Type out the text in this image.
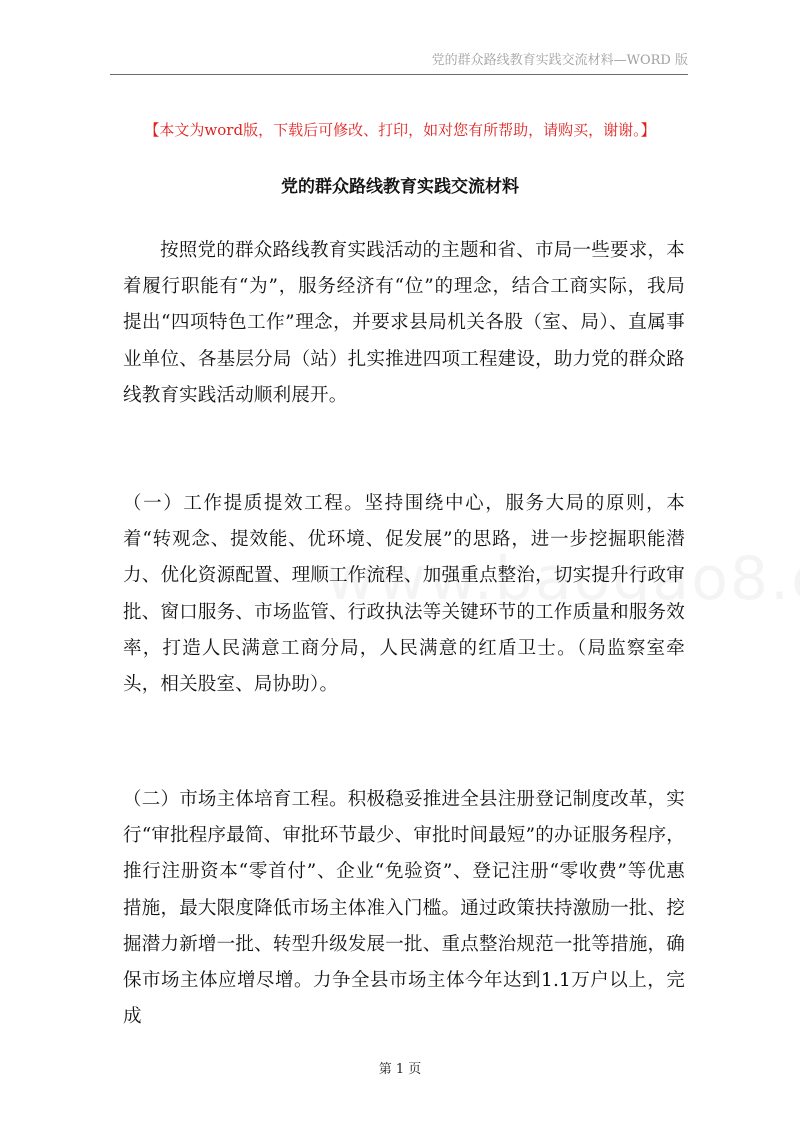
党的群众路线教育实践交流材料—WORD 版
【本文为word版，下载后可修改、打印，如对您有所帮助，请购买，谢谢。】
党的群众路线教育实践交流材料

按照党的群众路线教育实践活动的主题和省、市局一些要求，本着履行职能有“为”，服务经济有“位”的理念，结合工商实际，我局提出“四项特色工作”理念，并要求县局机关各股（室、局）、直属事业单位、各基层分局（站）扎实推进四项工程建设，助力党的群众路线教育实践活动顺利展开。

（一）工作提质提效工程。坚持围绕中心，服务大局的原则，本着“转观念、提效能、优环境、促发展”的思路，进一步挖掘职能潜力、优化资源配置、理顺工作流程、加强重点整治，切实提升行政审批、窗口服务、市场监管、行政执法等关键环节的工作质量和服务效率，打造人民满意工商分局，人民满意的红盾卫士。（局监察室牵头，相关股室、局协助）。

（二）市场主体培育工程。积极稳妥推进全县注册登记制度改革，实行“审批程序最简、审批环节最少、审批时间最短”的办证服务程序，推行注册资本“零首付”、企业“免验资”、登记注册“零收费”等优惠措施，最大限度降低市场主体准入门槛。通过政策扶持激励一批、挖掘潜力新增一批、转型升级发展一批、重点整治规范一批等措施，确保市场主体应增尽增。力争全县市场主体今年达到1.1万户以上，完成

第 1 页
